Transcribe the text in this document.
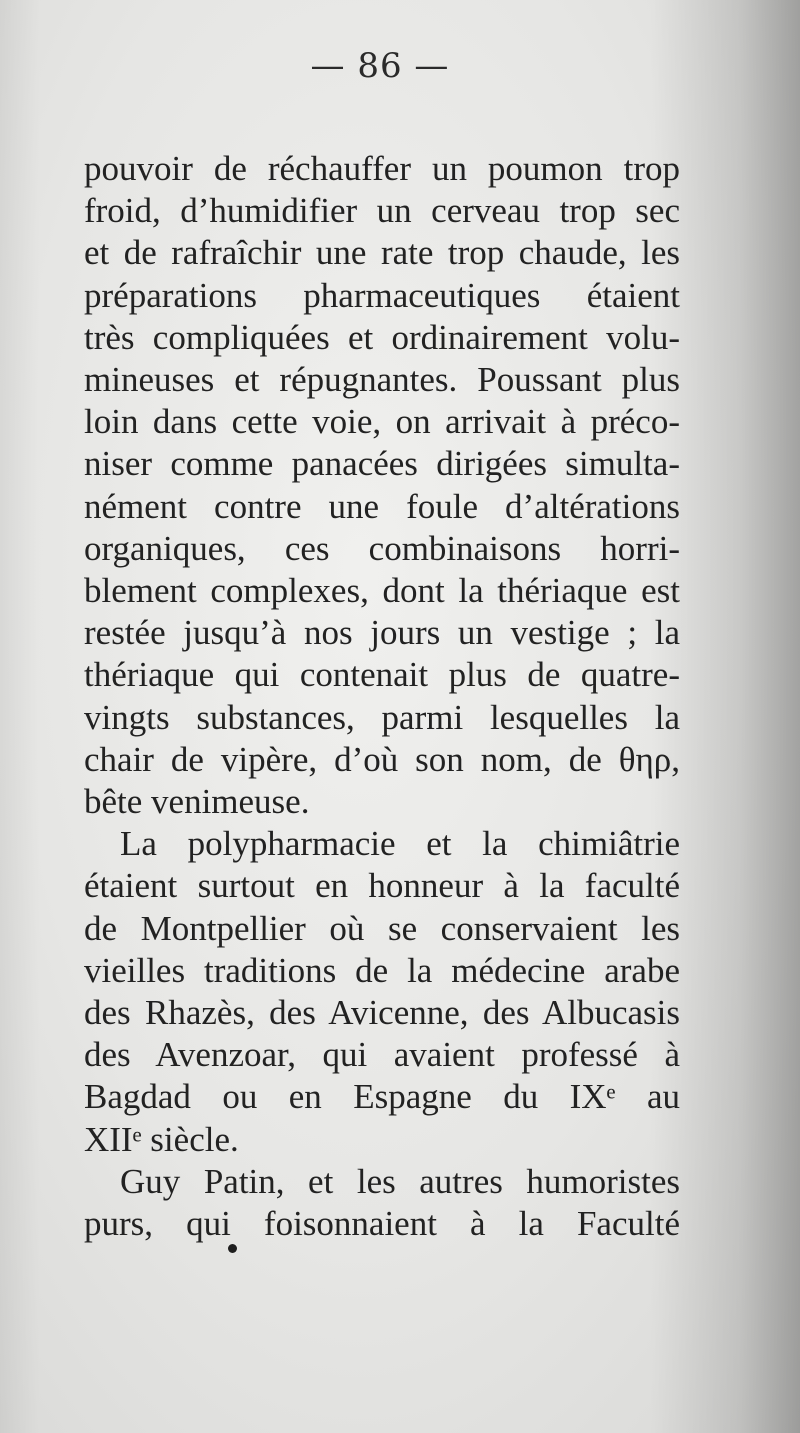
— 86 —
pouvoir de réchauffer un poumon trop
froid, d’humidifier un cerveau trop sec
et de rafraîchir une rate trop chaude, les
préparations pharmaceutiques étaient
très compliquées et ordinairement volu-
mineuses et répugnantes. Poussant plus
loin dans cette voie, on arrivait à préco-
niser comme panacées dirigées simulta-
nément contre une foule d’altérations
organiques, ces combinaisons horri-
blement complexes, dont la thériaque est
restée jusqu’à nos jours un vestige ; la
thériaque qui contenait plus de quatre-
vingts substances, parmi lesquelles la
chair de vipère, d’où son nom, de θηρ,
bête venimeuse.
La polypharmacie et la chimiâtrie
étaient surtout en honneur à la faculté
de Montpellier où se conservaient les
vieilles traditions de la médecine arabe
des Rhazès, des Avicenne, des Albucasis
des Avenzoar, qui avaient professé à
Bagdad ou en Espagne du IXᵉ au
XIIᵉ siècle.
Guy Patin, et les autres humoristes
purs, qui foisonnaient à la Faculté
